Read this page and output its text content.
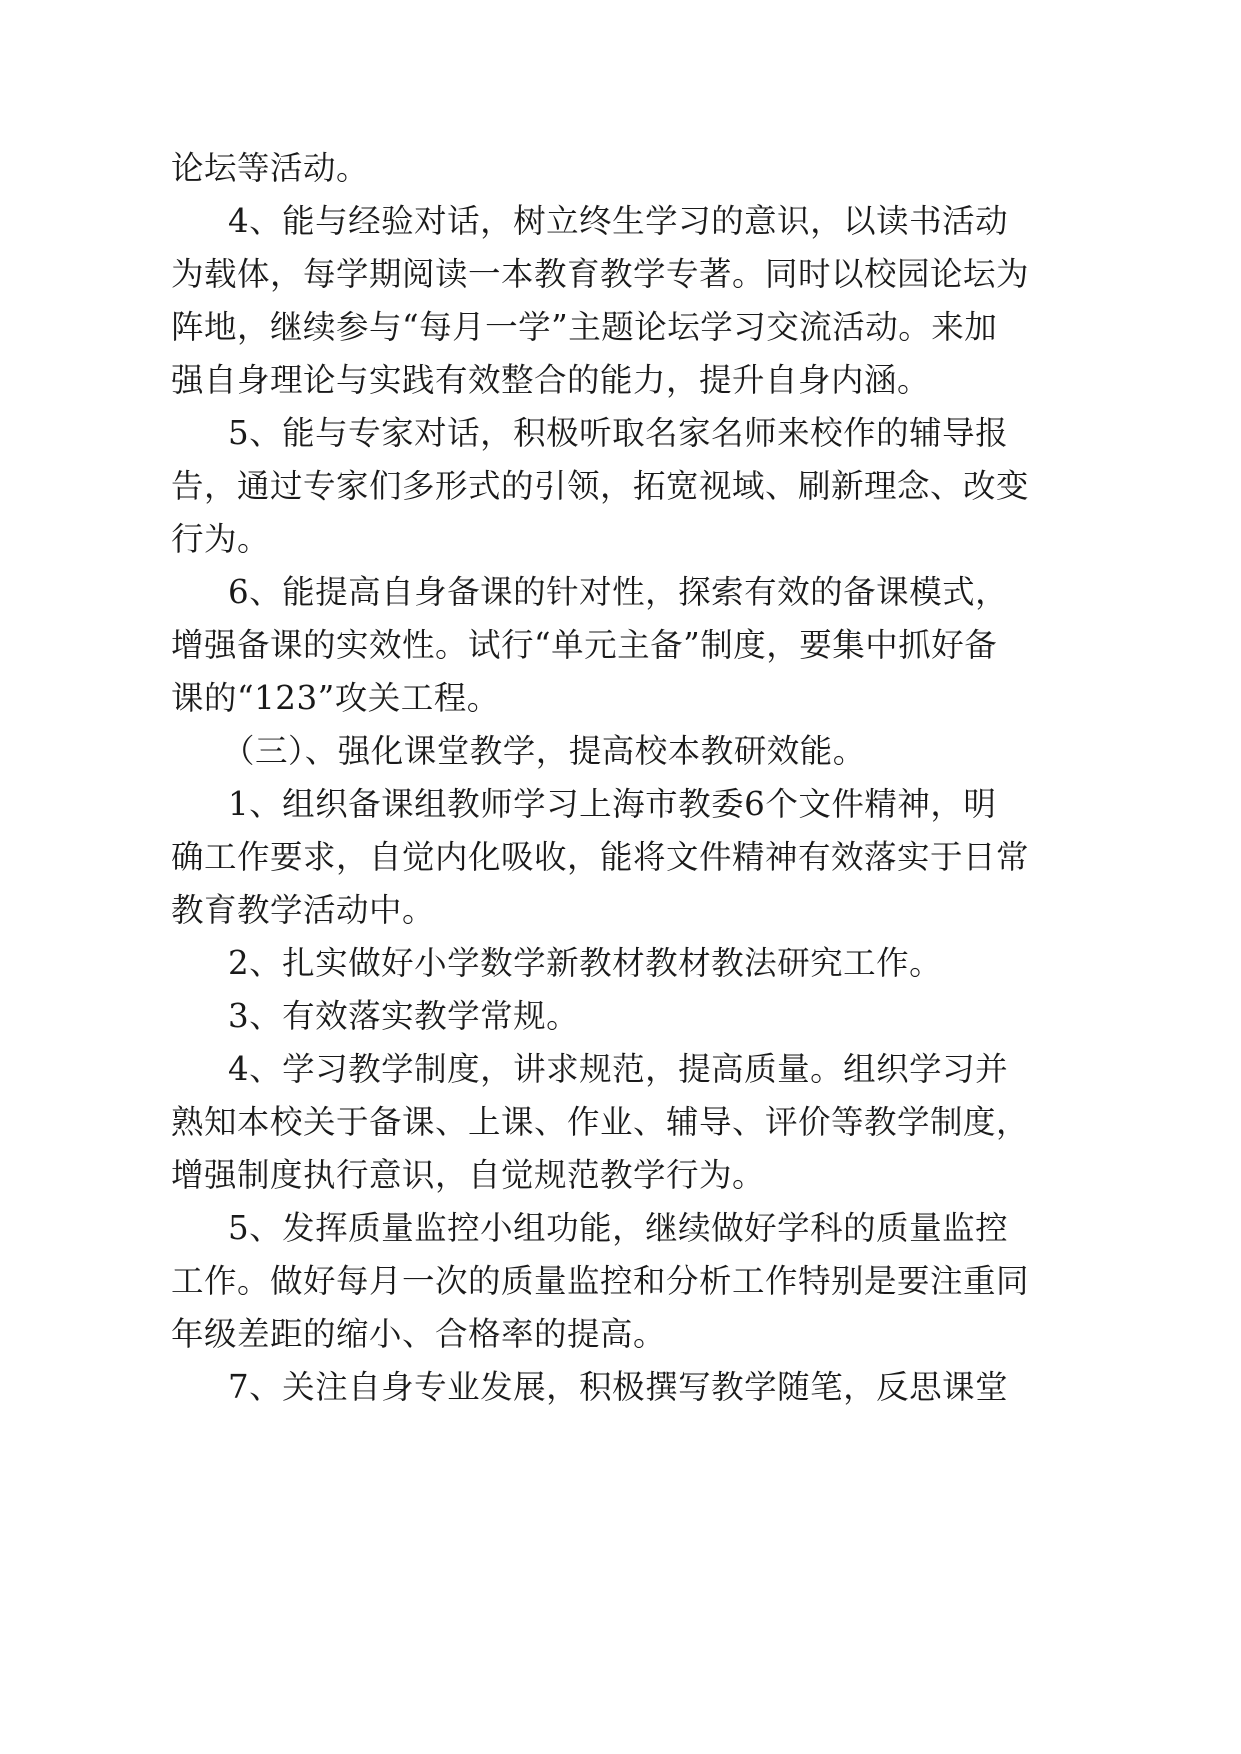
论坛等活动。
4、能与经验对话，树立终生学习的意识，以读书活动
为载体，每学期阅读一本教育教学专著。同时以校园论坛为
阵地，继续参与“每月一学”主题论坛学习交流活动。来加
强自身理论与实践有效整合的能力，提升自身内涵。
5、能与专家对话，积极听取名家名师来校作的辅导报
告，通过专家们多形式的引领，拓宽视域、刷新理念、改变
行为。
6、能提高自身备课的针对性，探索有效的备课模式，
增强备课的实效性。试行“单元主备”制度，要集中抓好备
课的“123”攻关工程。
（三）、强化课堂教学，提高校本教研效能。
1、组织备课组教师学习上海市教委6个文件精神，明
确工作要求，自觉内化吸收，能将文件精神有效落实于日常
教育教学活动中。
2、扎实做好小学数学新教材教材教法研究工作。
3、有效落实教学常规。
4、学习教学制度，讲求规范，提高质量。组织学习并
熟知本校关于备课、上课、作业、辅导、评价等教学制度，
增强制度执行意识，自觉规范教学行为。
5、发挥质量监控小组功能，继续做好学科的质量监控
工作。做好每月一次的质量监控和分析工作特别是要注重同
年级差距的缩小、合格率的提高。
7、关注自身专业发展，积极撰写教学随笔，反思课堂
